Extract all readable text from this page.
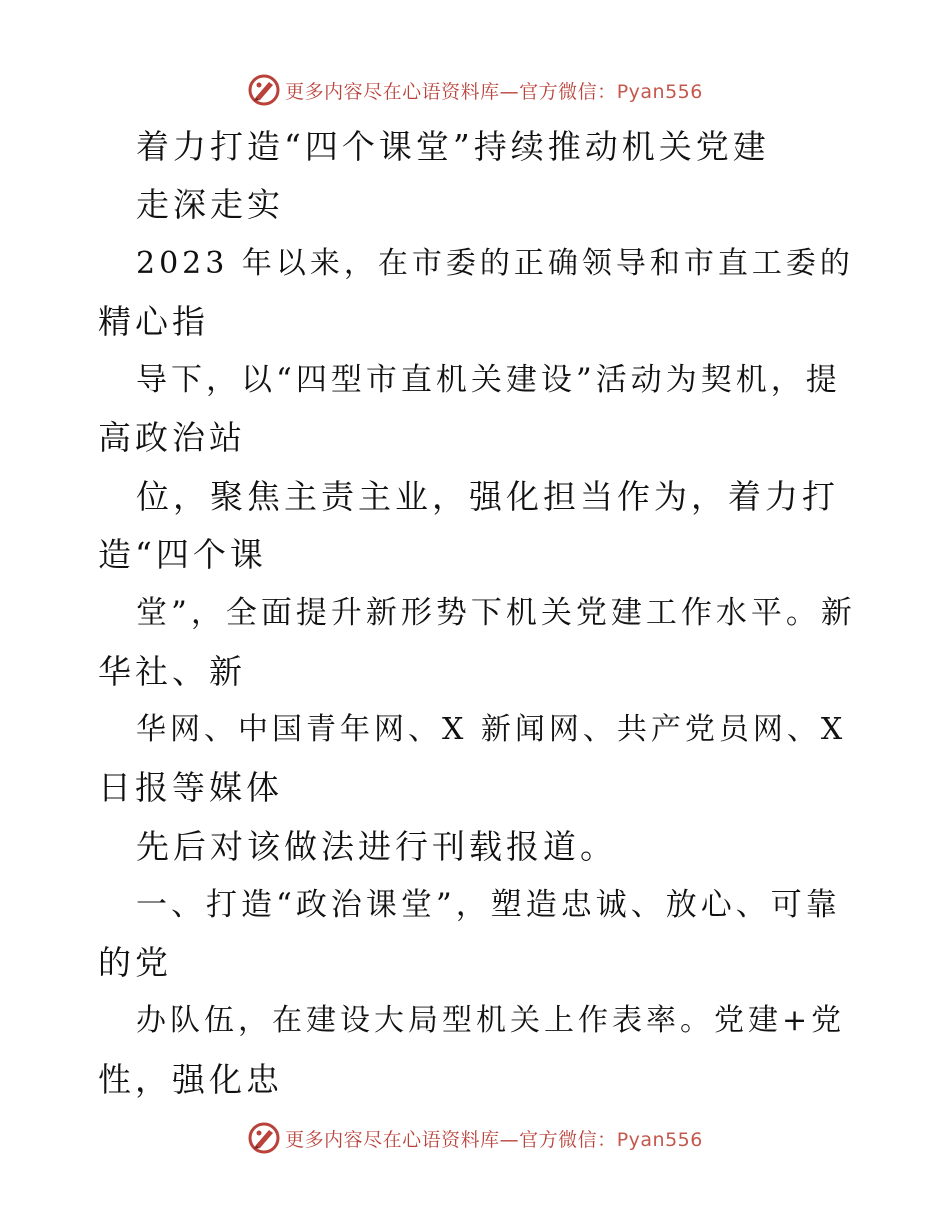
更多内容尽在心语资料库—官方微信：Pyan556
着力打造“四个课堂”持续推动机关党建
走深走实
2023 年以来，在市委的正确领导和市直工委的
精心指
导下，以“四型市直机关建设”活动为契机，提
高政治站
位，聚焦主责主业，强化担当作为，着力打
造“四个课
堂”，全面提升新形势下机关党建工作水平。新
华社、新
华网、中国青年网、X 新闻网、共产党员网、X
日报等媒体
先后对该做法进行刊载报道。
一、打造“政治课堂”，塑造忠诚、放心、可靠
的党
办队伍，在建设大局型机关上作表率。党建+党
性，强化忠
更多内容尽在心语资料库—官方微信：Pyan556
